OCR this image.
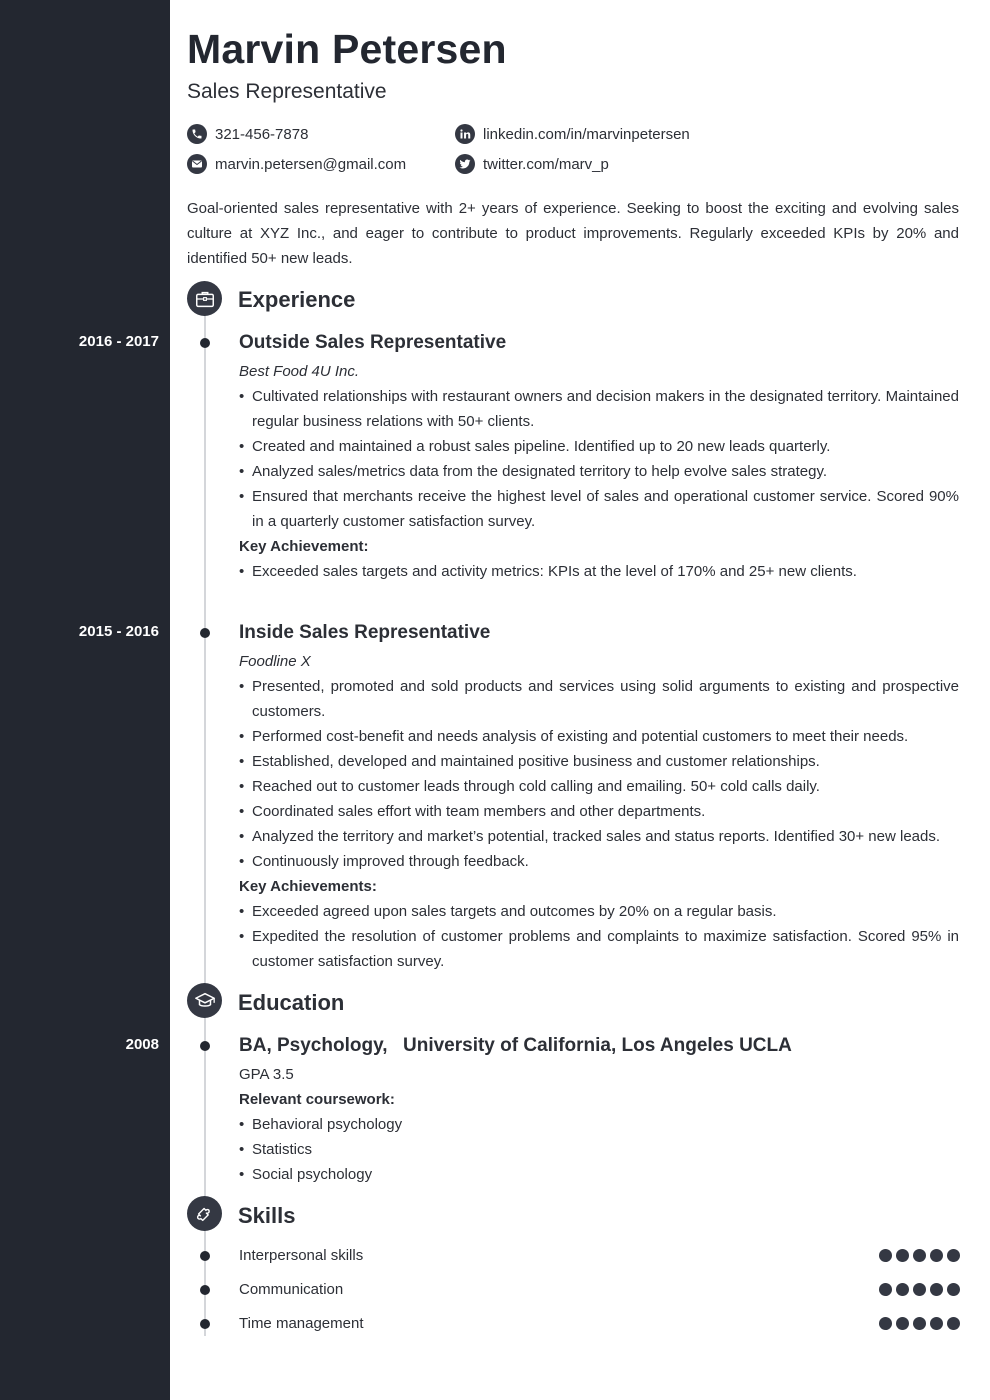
Marvin Petersen
Sales Representative
321-456-7878	linkedin.com/in/marvinpetersen
marvin.petersen@gmail.com	twitter.com/marv_p
Goal-oriented sales representative with 2+ years of experience. Seeking to boost the exciting and evolving sales culture at XYZ Inc., and eager to contribute to product improvements. Regularly exceeded KPIs by 20% and identified 50+ new leads.
Experience
2016 - 2017	Outside Sales Representative
Best Food 4U Inc.
• Cultivated relationships with restaurant owners and decision makers in the designated territory. Maintained regular business relations with 50+ clients.
• Created and maintained a robust sales pipeline. Identified up to 20 new leads quarterly.
• Analyzed sales/metrics data from the designated territory to help evolve sales strategy.
• Ensured that merchants receive the highest level of sales and operational customer service. Scored 90% in a quarterly customer satisfaction survey.
Key Achievement:
• Exceeded sales targets and activity metrics: KPIs at the level of 170% and 25+ new clients.
2015 - 2016	Inside Sales Representative
Foodline X
• Presented, promoted and sold products and services using solid arguments to existing and prospective customers.
• Performed cost-benefit and needs analysis of existing and potential customers to meet their needs.
• Established, developed and maintained positive business and customer relationships.
• Reached out to customer leads through cold calling and emailing. 50+ cold calls daily.
• Coordinated sales effort with team members and other departments.
• Analyzed the territory and market’s potential, tracked sales and status reports. Identified 30+ new leads.
• Continuously improved through feedback.
Key Achievements:
• Exceeded agreed upon sales targets and outcomes by 20% on a regular basis.
• Expedited the resolution of customer problems and complaints to maximize satisfaction. Scored 95% in customer satisfaction survey.
Education
2008	BA, Psychology, University of California, Los Angeles UCLA
GPA 3.5
Relevant coursework:
• Behavioral psychology
• Statistics
• Social psychology
Skills
Interpersonal skills
Communication
Time management
